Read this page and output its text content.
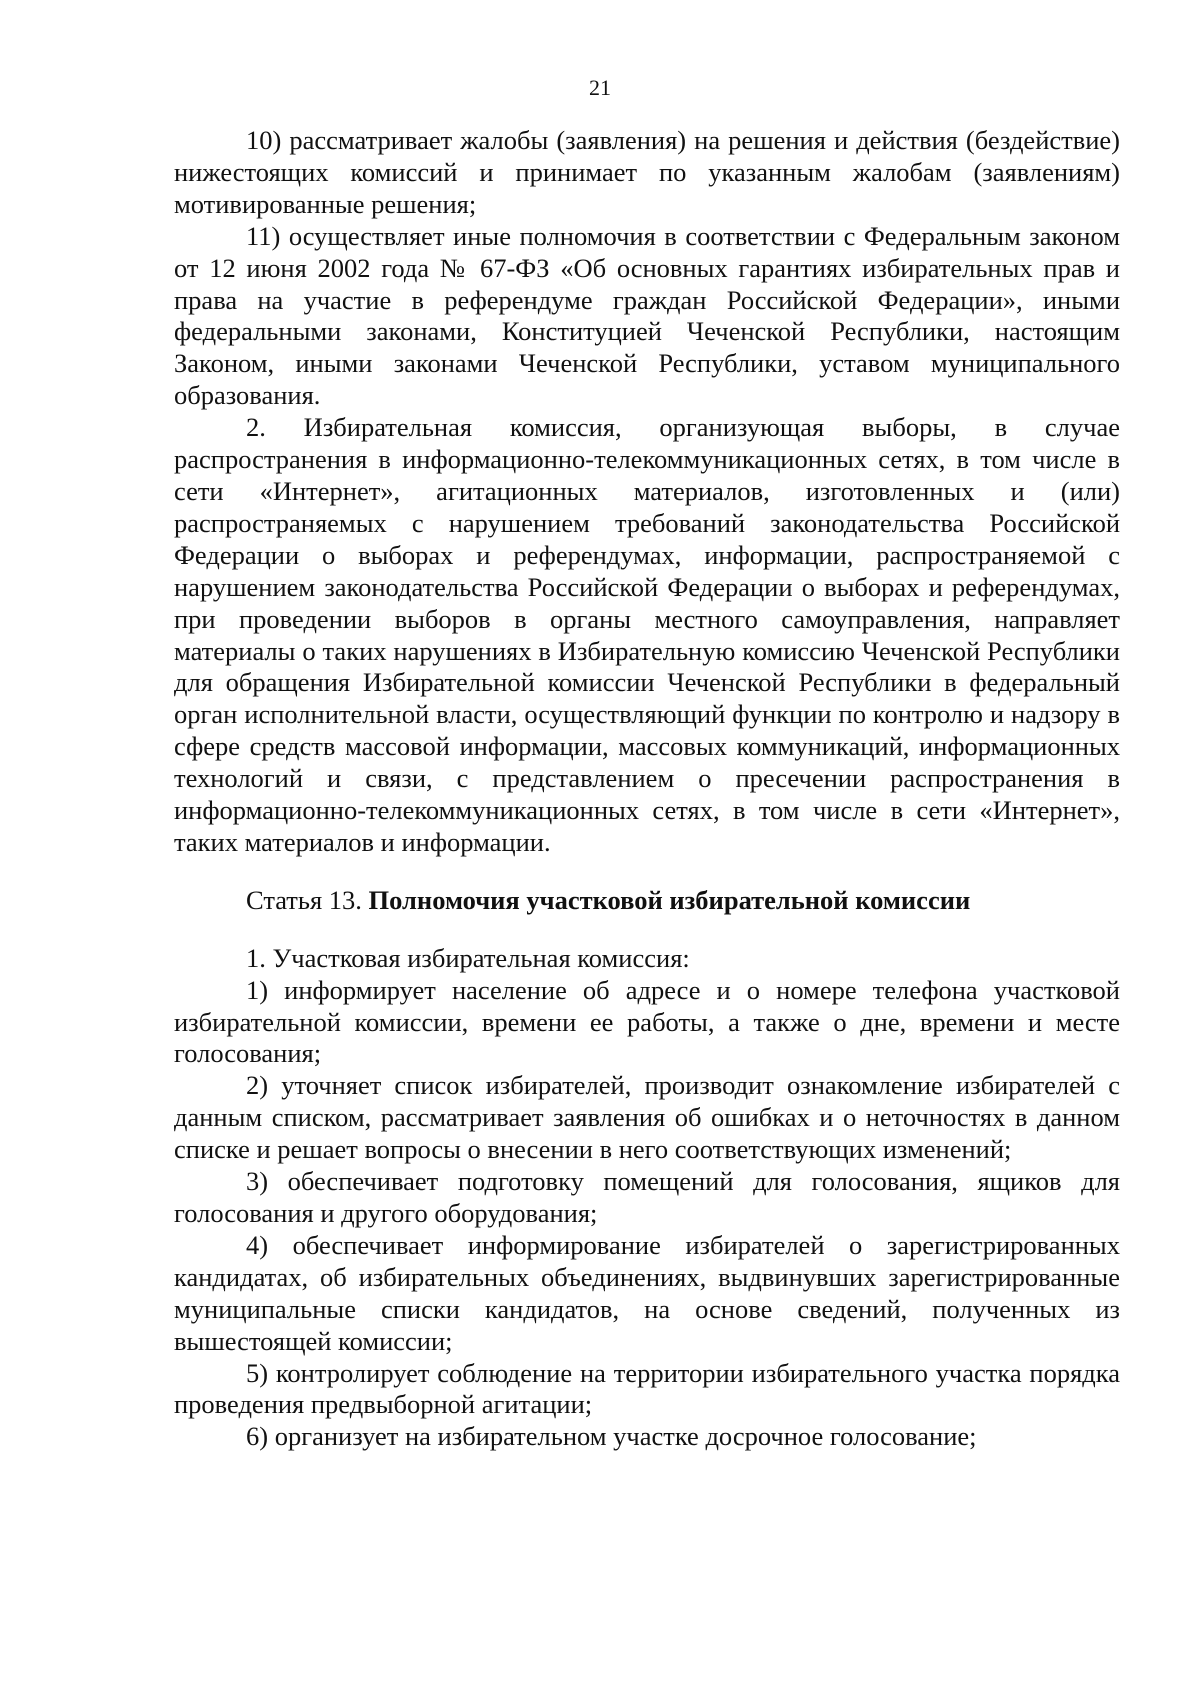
21

10) рассматривает жалобы (заявления) на решения и действия (бездействие) нижестоящих комиссий и принимает по указанным жалобам (заявлениям) мотивированные решения;

11) осуществляет иные полномочия в соответствии с Федеральным законом от 12 июня 2002 года № 67-ФЗ «Об основных гарантиях избирательных прав и права на участие в референдуме граждан Российской Федерации», иными федеральными законами, Конституцией Чеченской Республики, настоящим Законом, иными законами Чеченской Республики, уставом муниципального образования.

2. Избирательная комиссия, организующая выборы, в случае распространения в информационно-телекоммуникационных сетях, в том числе в сети «Интернет», агитационных материалов, изготовленных и (или) распространяемых с нарушением требований законодательства Российской Федерации о выборах и референдумах, информации, распространяемой с нарушением законодательства Российской Федерации о выборах и референдумах, при проведении выборов в органы местного самоуправления, направляет материалы о таких нарушениях в Избирательную комиссию Чеченской Республики для обращения Избирательной комиссии Чеченской Республики в федеральный орган исполнительной власти, осуществляющий функции по контролю и надзору в сфере средств массовой информации, массовых коммуникаций, информационных технологий и связи, с представлением о пресечении распространения в информационно-телекоммуникационных сетях, в том числе в сети «Интернет», таких материалов и информации.

Статья 13. Полномочия участковой избирательной комиссии

1. Участковая избирательная комиссия:

1) информирует население об адресе и о номере телефона участковой избирательной комиссии, времени ее работы, а также о дне, времени и месте голосования;

2) уточняет список избирателей, производит ознакомление избирателей с данным списком, рассматривает заявления об ошибках и о неточностях в данном списке и решает вопросы о внесении в него соответствующих изменений;

3) обеспечивает подготовку помещений для голосования, ящиков для голосования и другого оборудования;

4) обеспечивает информирование избирателей о зарегистрированных кандидатах, об избирательных объединениях, выдвинувших зарегистрированные муниципальные списки кандидатов, на основе сведений, полученных из вышестоящей комиссии;

5) контролирует соблюдение на территории избирательного участка порядка проведения предвыборной агитации;

6) организует на избирательном участке досрочное голосование;
